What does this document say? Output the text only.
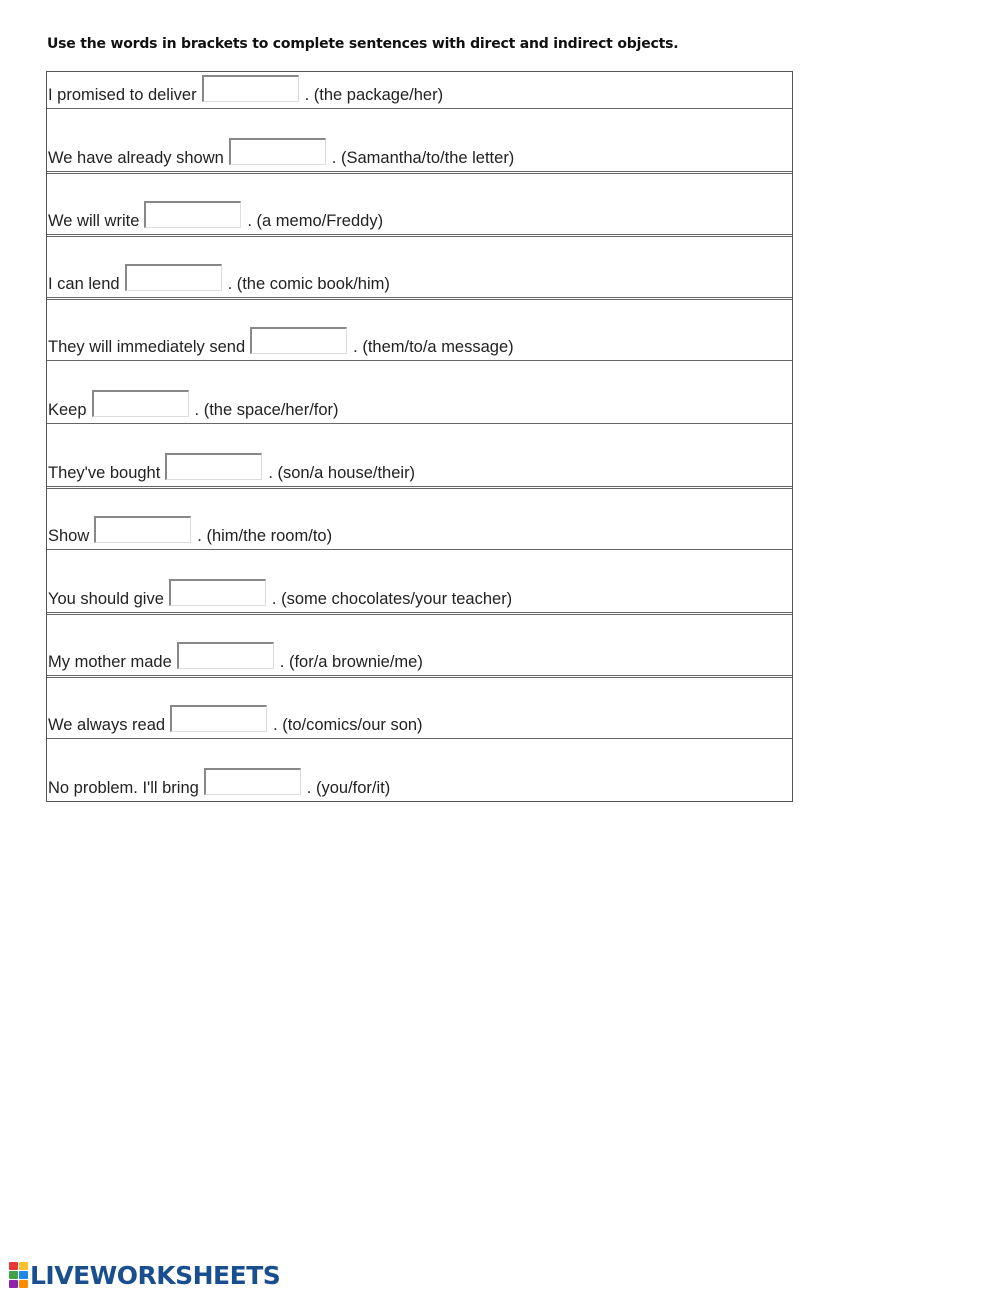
Use the words in brackets to complete sentences with direct and indirect objects.

I promised to deliver	. (the package/her)
We have already shown	. (Samantha/to/the letter)
We will write	. (a memo/Freddy)
I can lend	. (the comic book/him)
They will immediately send	. (them/to/a message)
Keep	. (the space/her/for)
They've bought	. (son/a house/their)
Show	. (him/the room/to)
You should give	. (some chocolates/your teacher)
My mother made	. (for/a brownie/me)
We always read	. (to/comics/our son)
No problem. I'll bring	. (you/for/it)
LIVEWORKSHEETS
